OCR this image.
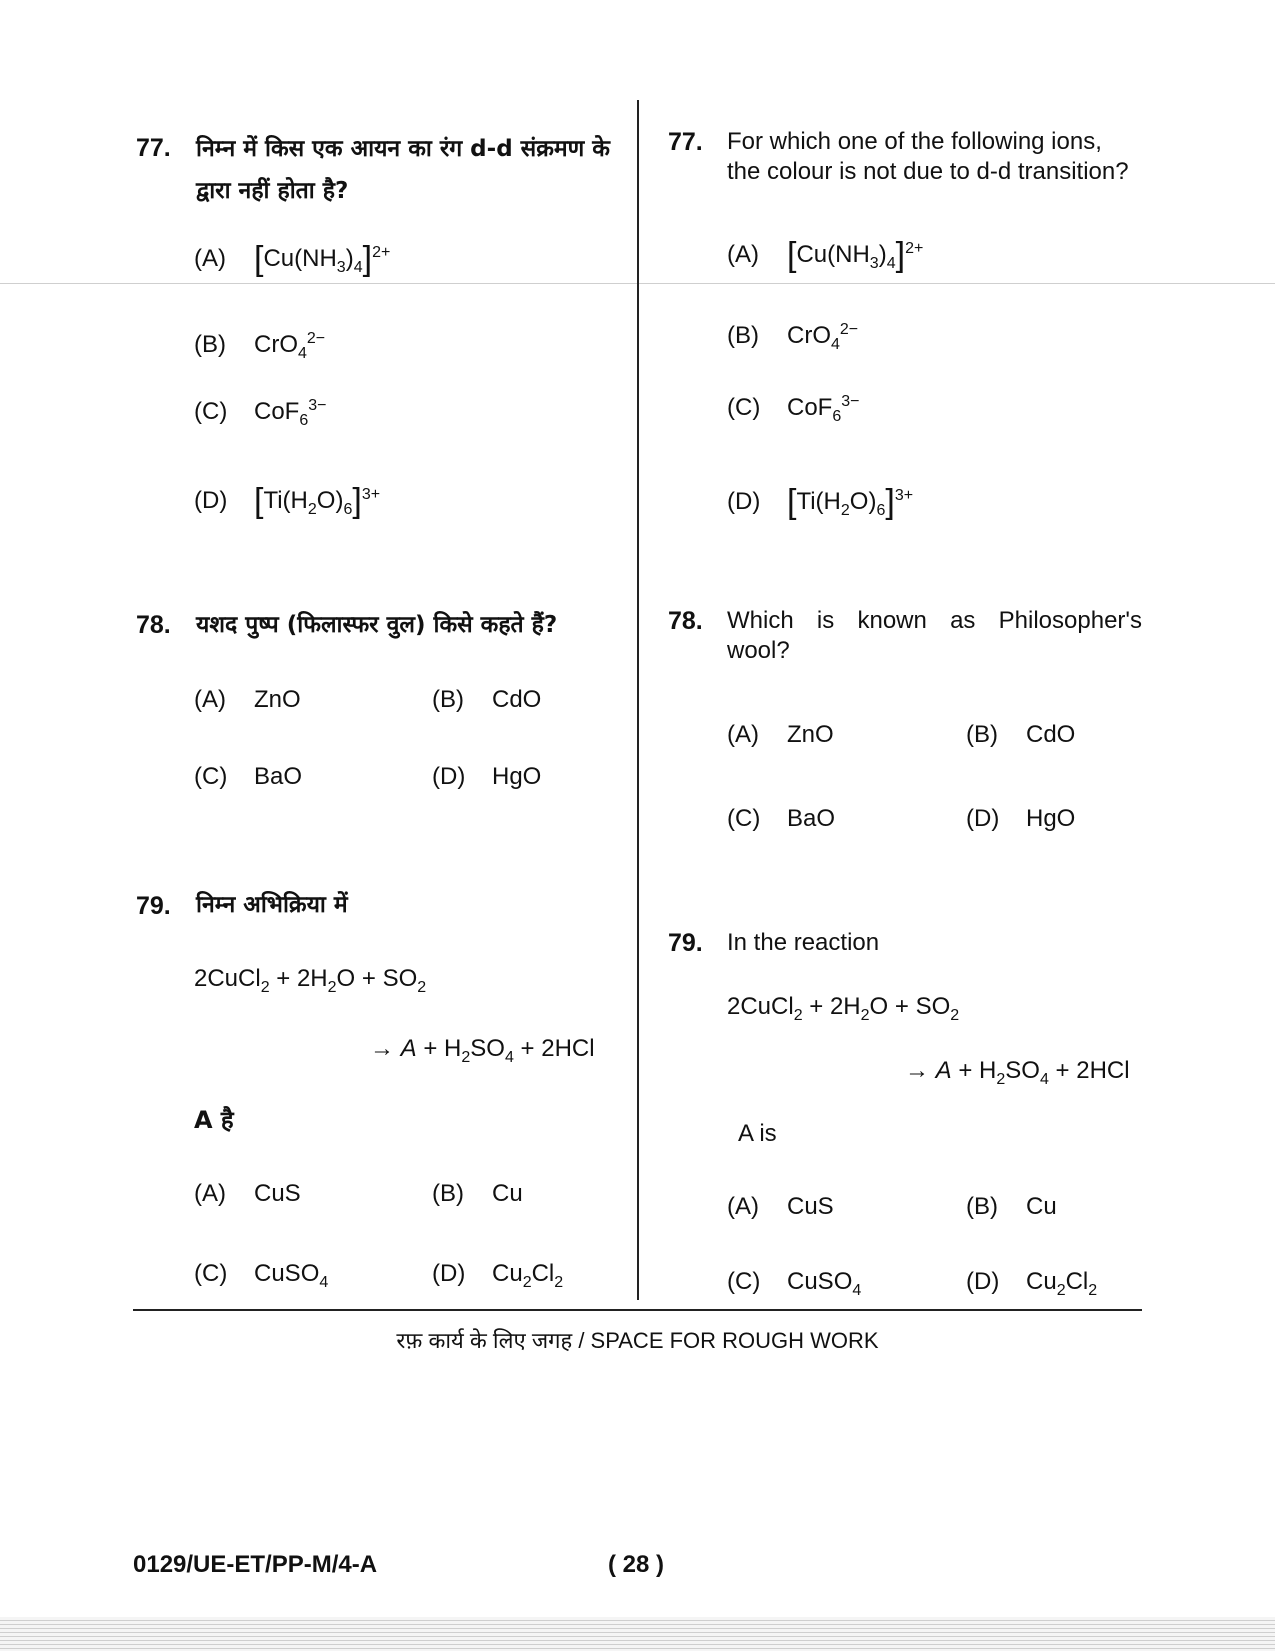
77. निम्न में किस एक आयन का रंग d-d संक्रमण के द्वारा नहीं होता है?
(A) $[Cu(NH_3)_4]^{2+}$
(B) CrO$_4^{2-}$
(C) CoF$_6^{3-}$
(D) $[Ti(H_2O)_6]^{3+}$
78. यशद पुष्प (फिलास्फर वुल) किसे कहते हैं?
(A) ZnO	(B) CdO
(C) BaO	(D) HgO
79. निम्न अभिक्रिया में
2CuCl$_2$ + $2H_2O + SO_2$
→ $A + H_2SO_4 + 2HCl$
A है
(A) CuS	(B) Cu
(C) CuSO$_4$	(D) $Cu_2Cl_2$
77. For which one of the following ions,
the colour is not due to d-d transition?
(A) $[Cu(NH_3)_4]^{2+}$
(B) CrO$_4^{2-}$
(C) CoF$_6^{3-}$
(D) $[Ti(H_2O)_6]^{3+}$
78. Which is known as Philosopher's
wool?
(A) ZnO	(B) CdO
(C) BaO	(D) HgO
79. In the reaction
2CuCl$_2$ + $2H_2O + SO_2$
→ $A + H_2SO_4 + 2HCl$
A is
(A) CuS	(B) Cu
(C) CuSO$_4$	(D) $Cu_2Cl_2$
रफ़ कार्य के लिए जगह / SPACE FOR ROUGH WORK
0129/UE-ET/PP-M/4-A	( 28 )
